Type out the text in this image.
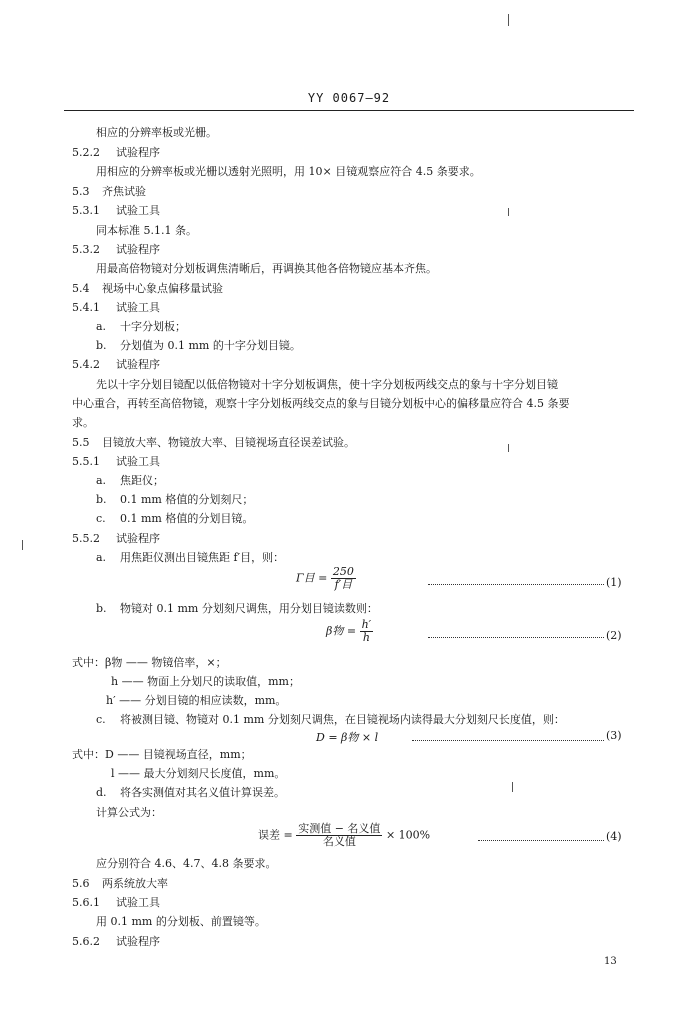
YY 0067—92
相应的分辨率板或光栅。
5.2.2 试验程序
用相应的分辨率板或光栅以透射光照明，用 10× 目镜观察应符合 4.5 条要求。
5.3 齐焦试验
5.3.1 试验工具
同本标准 5.1.1 条。
5.3.2 试验程序
用最高倍物镜对分划板调焦清晰后，再调换其他各倍物镜应基本齐焦。
5.4 视场中心象点偏移量试验
5.4.1 试验工具
a. 十字分划板；
b. 分划值为 0.1 mm 的十字分划目镜。
5.4.2 试验程序
先以十字分划目镜配以低倍物镜对十字分划板调焦，使十字分划板两线交点的象与十字分划目镜
中心重合，再转至高倍物镜，观察十字分划板两线交点的象与目镜分划板中心的偏移量应符合 4.5 条要
求。
5.5 目镜放大率、物镜放大率、目镜视场直径误差试验。
5.5.1 试验工具
a. 焦距仪；
b. 0.1 mm 格值的分划刻尺；
c. 0.1 mm 格值的分划目镜。
5.5.2 试验程序
a. 用焦距仪测出目镜焦距 f′目，则：
Γ目 = $\frac{250}{\text{f′目}}$	(1)
b. 物镜对 0.1 mm 分划刻尺调焦，用分划目镜读数则：
β物 = $\frac{h'}{h}$	(2)
式中：β物 —— 物镜倍率，×；
h —— 物面上分划尺的读取值，mm；
h′ —— 分划目镜的相应读数，mm。
c. 将被测目镜、物镜对 0.1 mm 分划刻尺调焦，在目镜视场内读得最大分划刻尺长度值，则：
D = β物 × l	(3)
式中：D —— 目镜视场直径，mm；
l —— 最大分划刻尺长度值，mm。
d. 将各实测值对其名义值计算误差。
计算公式为：
误差 = $\frac{\text{实测值 − 名义值}}{\text{名义值}} \times 100\%$	(4)
应分别符合 4.6、4.7、4.8 条要求。
5.6 两系统放大率
5.6.1 试验工具
用 0.1 mm 的分划板、前置镜等。
5.6.2 试验程序
13
